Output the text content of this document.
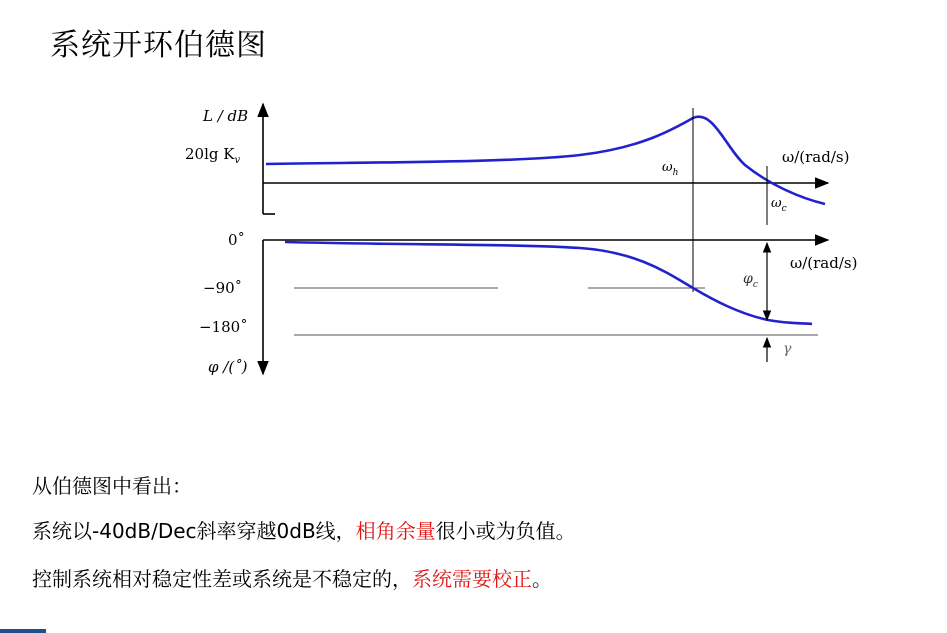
系统开环伯德图
L / dB
20lg $K_v$	ω/(rad/s)
$\omega_h$
$\omega_c$
0˚
−90˚
−180˚
φ /(˚)
ω/(rad/s)
$\varphi_c$
γ
从伯德图中看出：
系统以-40dB/Dec斜率穿越0dB线，相角余量很小或为负值。
控制系统相对稳定性差或系统是不稳定的，系统需要校正。
